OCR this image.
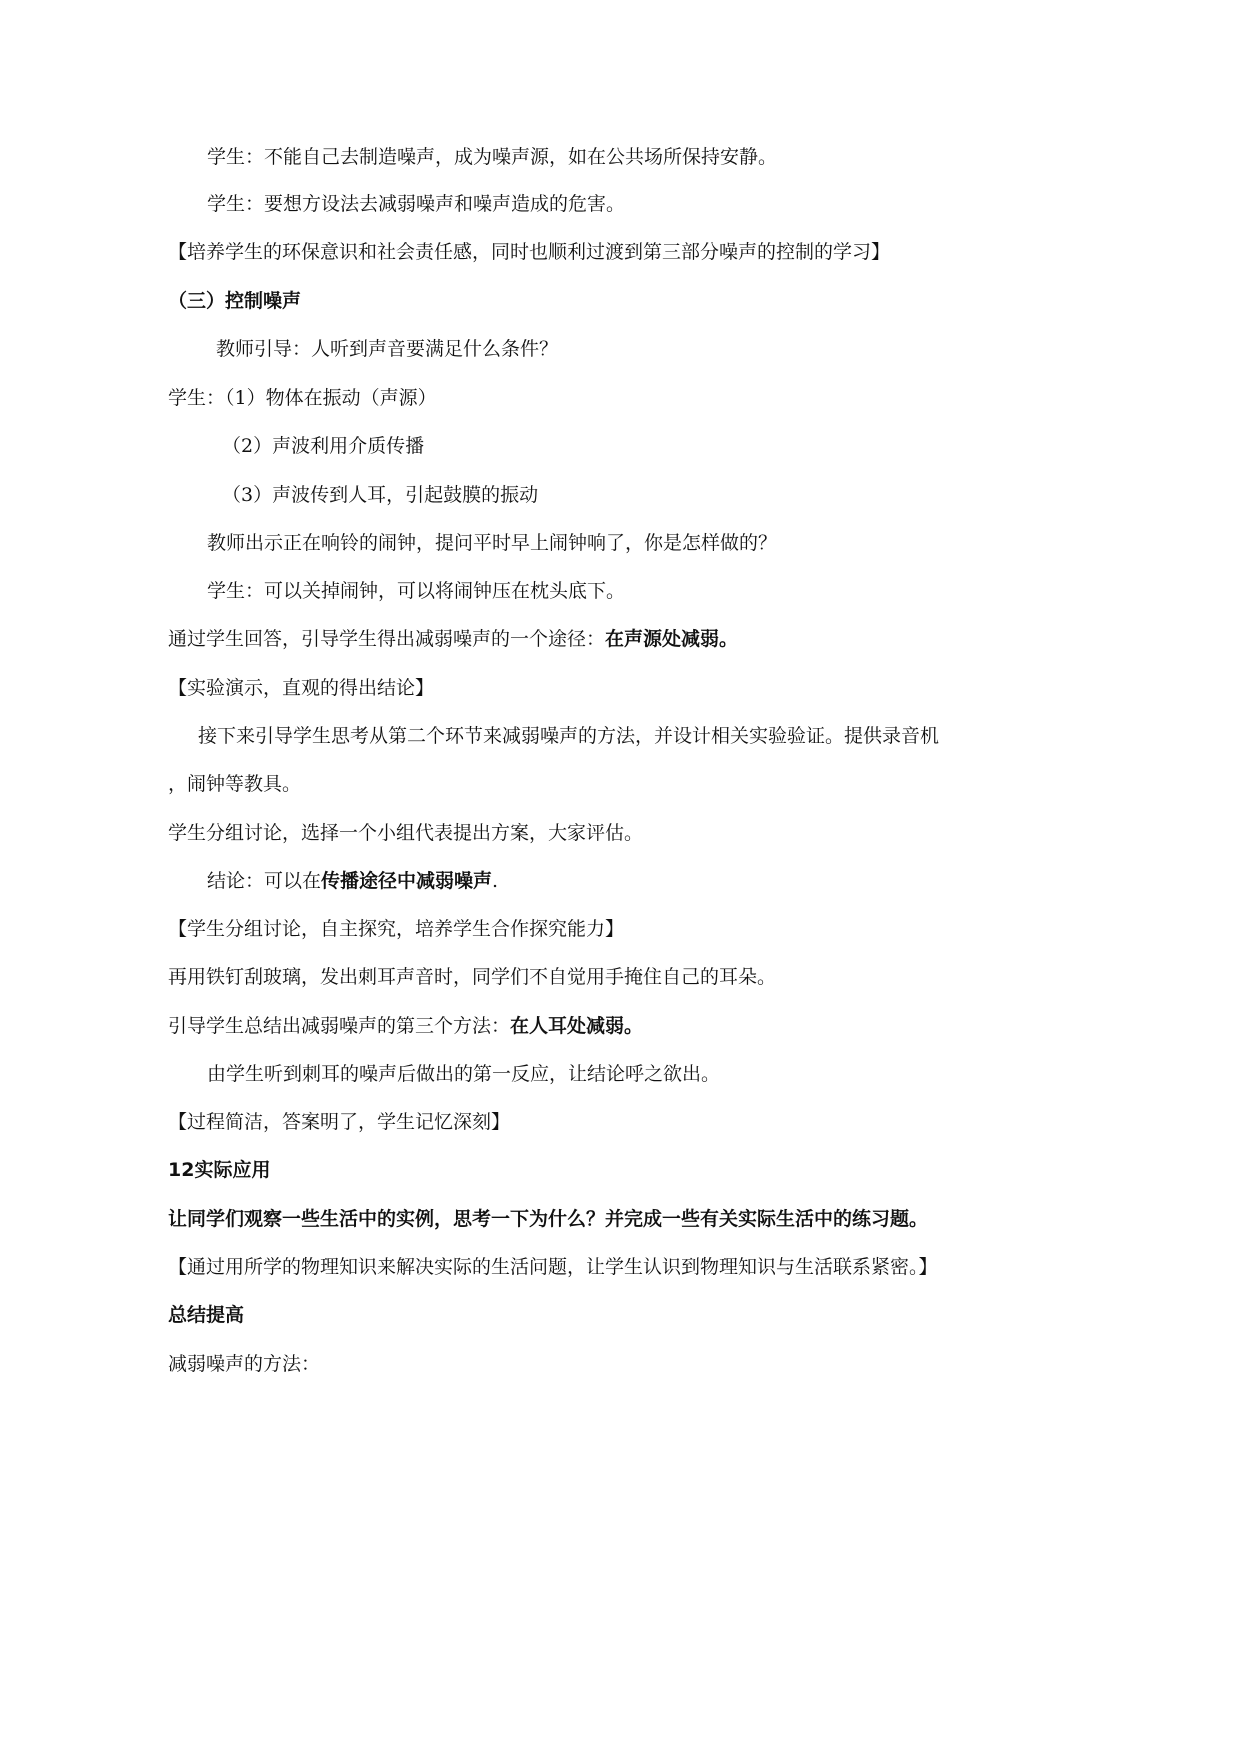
学生：不能自己去制造噪声，成为噪声源，如在公共场所保持安静。
学生：要想方设法去减弱噪声和噪声造成的危害。
【培养学生的环保意识和社会责任感，同时也顺利过渡到第三部分噪声的控制的学习】
（三）控制噪声
教师引导：人听到声音要满足什么条件？
学生：（1）物体在振动（声源）
（2）声波利用介质传播
（3）声波传到人耳，引起鼓膜的振动
教师出示正在响铃的闹钟，提问平时早上闹钟响了，你是怎样做的？
学生：可以关掉闹钟，可以将闹钟压在枕头底下。
通过学生回答，引导学生得出减弱噪声的一个途径：在声源处减弱。
【实验演示，直观的得出结论】
接下来引导学生思考从第二个环节来减弱噪声的方法，并设计相关实验验证。提供录音机
，闹钟等教具。
学生分组讨论，选择一个小组代表提出方案，大家评估。
结论：可以在传播途径中减弱噪声.
【学生分组讨论，自主探究，培养学生合作探究能力】
再用铁钉刮玻璃，发出刺耳声音时，同学们不自觉用手掩住自己的耳朵。
引导学生总结出减弱噪声的第三个方法：在人耳处减弱。
由学生听到刺耳的噪声后做出的第一反应，让结论呼之欲出。
【过程简洁，答案明了，学生记忆深刻】
12实际应用
让同学们观察一些生活中的实例，思考一下为什么？并完成一些有关实际生活中的练习题。
【通过用所学的物理知识来解决实际的生活问题，让学生认识到物理知识与生活联系紧密。】
总结提高
减弱噪声的方法：
